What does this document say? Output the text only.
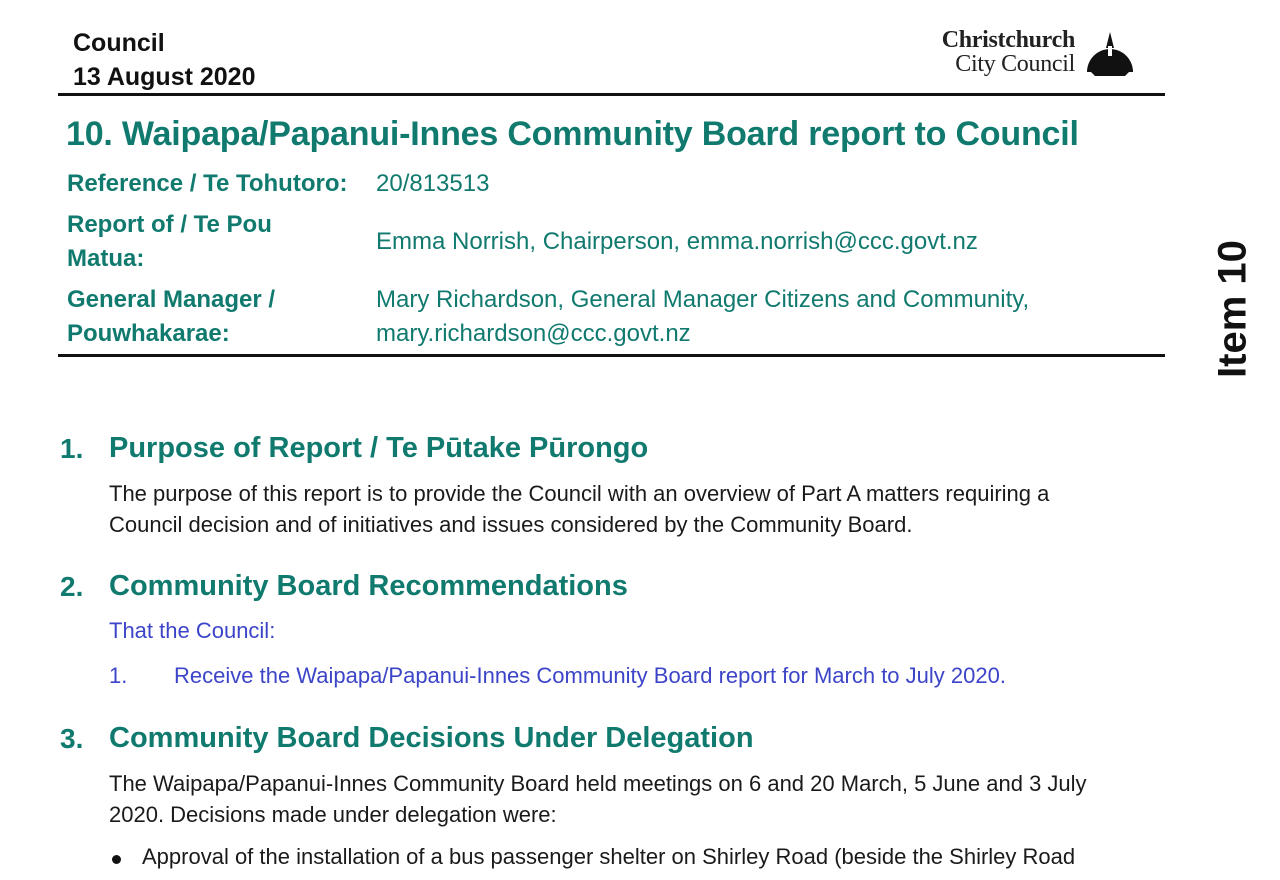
Council
13 August 2020
Christchurch
City Council
10. Waipapa/Papanui-Innes Community Board report to Council
Reference / Te Tohutoro: 20/813513
Report of / Te Pou
Matua:
Emma Norrish, Chairperson, emma.norrish@ccc.govt.nz
General Manager /
Pouwhakarae:
Mary Richardson, General Manager Citizens and Community,
mary.richardson@ccc.govt.nz	Item 10
1. Purpose of Report / Te Pūtake Pūrongo
The purpose of this report is to provide the Council with an overview of Part A matters requiring a
Council decision and of initiatives and issues considered by the Community Board.
2. Community Board Recommendations
That the Council:
1. Receive the Waipapa/Papanui-Innes Community Board report for March to July 2020.
3. Community Board Decisions Under Delegation
The Waipapa/Papanui-Innes Community Board held meetings on 6 and 20 March, 5 June and 3 July
2020. Decisions made under delegation were:
Approval of the installation of a bus passenger shelter on Shirley Road (beside the Shirley Road
